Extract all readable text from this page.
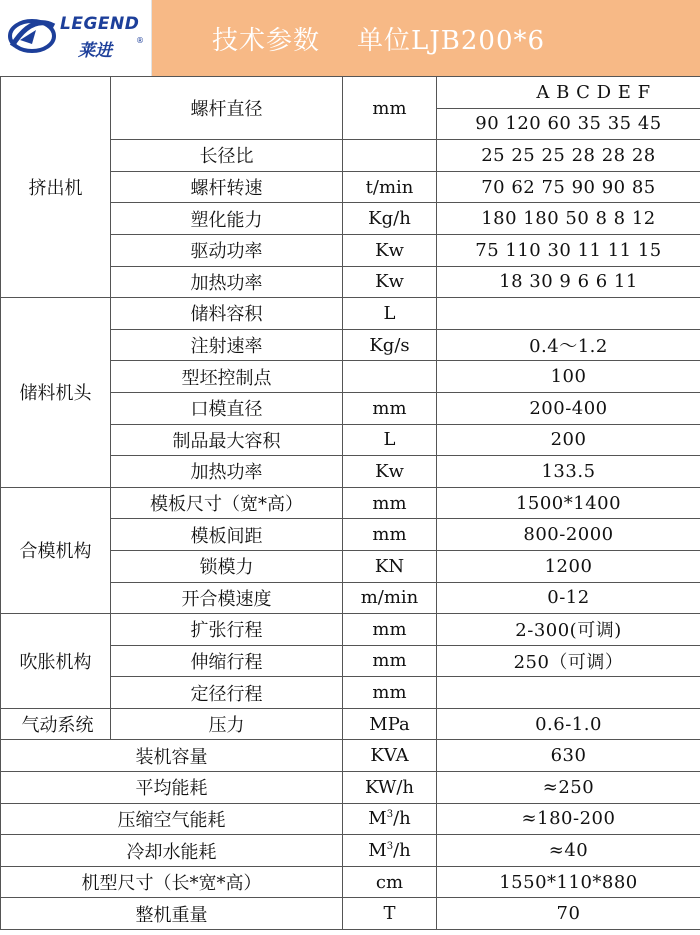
LEGEND
莱进
®	技术参数    单位LJB200*6
挤出机	螺杆直径	mm	A B C D E F
			90 120 60 35 35 45
	长径比		25 25 25 28 28 28
	螺杆转速	t/min	70 62 75 90 90 85
	塑化能力	Kg/h	180 180 50 8 8 12
	驱动功率	Kw	75 110 30 11 11 15
	加热功率	Kw	18 30 9 6 6 11
储料机头	储料容积	L	
	注射速率	Kg/s	0.4～1.2
	型坯控制点		100
	口模直径	mm	200-400
	制品最大容积	L	200
	加热功率	Kw	133.5
合模机构	模板尺寸（宽*高）	mm	1500*1400
	模板间距	mm	800-2000
	锁模力	KN	1200
	开合模速度	m/min	0-12
吹胀机构	扩张行程	mm	2-300(可调)
	伸缩行程	mm	250（可调）
	定径行程	mm	
气动系统	压力	MPa	0.6-1.0
装机容量		KVA	630
平均能耗		KW/h	≈250
压缩空气能耗		$M^3/h$	≈180-200
冷却水能耗		$M^3/h$	≈40
机型尺寸（长*宽*高）		cm	1550*110*880
整机重量		T	70
